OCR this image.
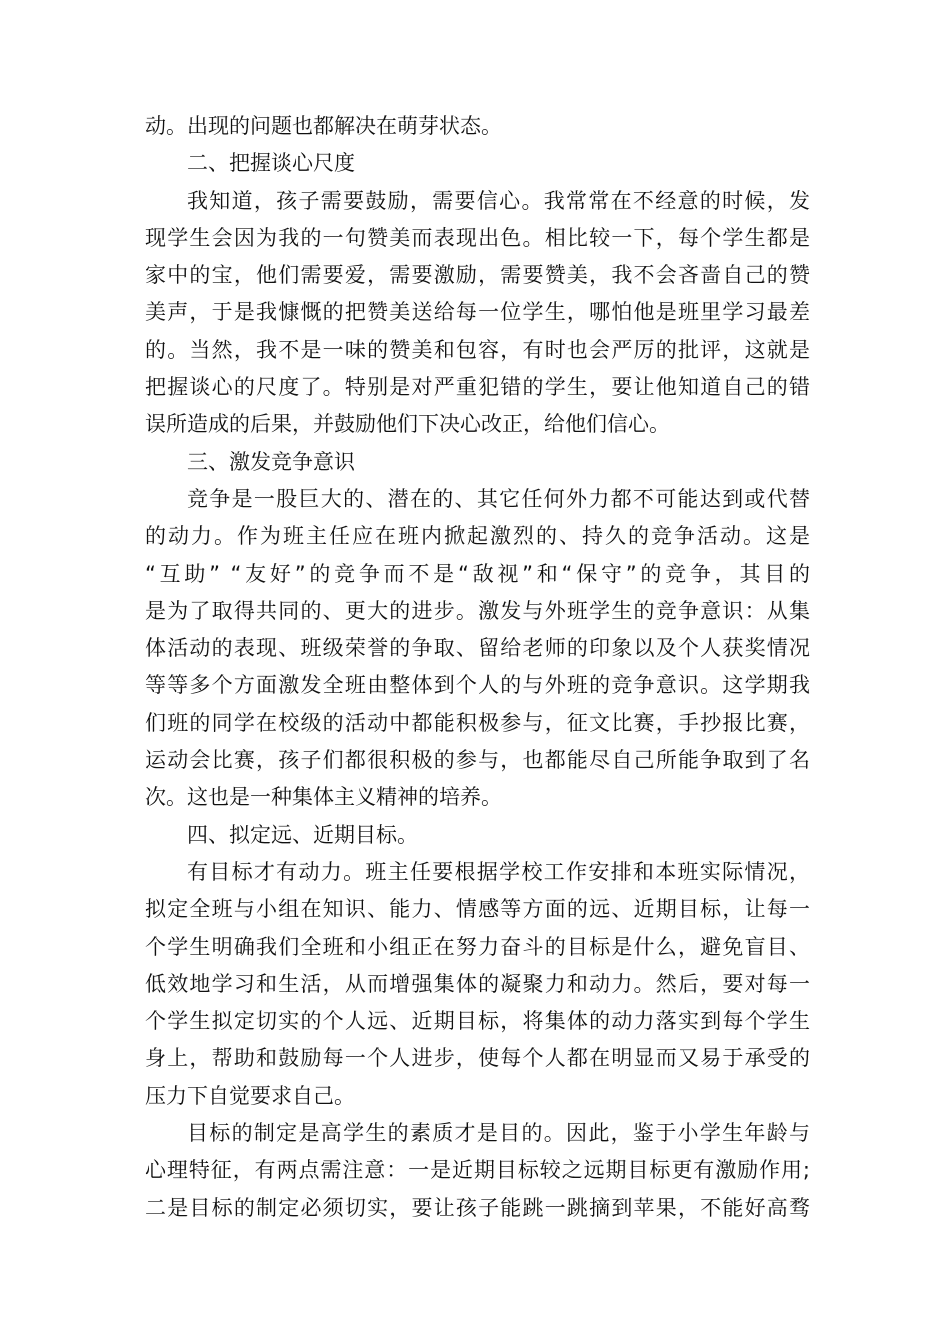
动。出现的问题也都解决在萌芽状态。
二、把握谈心尺度
我知道，孩子需要鼓励，需要信心。我常常在不经意的时候，发
现学生会因为我的一句赞美而表现出色。相比较一下，每个学生都是
家中的宝，他们需要爱，需要激励，需要赞美，我不会吝啬自己的赞
美声，于是我慷慨的把赞美送给每一位学生，哪怕他是班里学习最差
的。当然，我不是一味的赞美和包容，有时也会严厉的批评，这就是
把握谈心的尺度了。特别是对严重犯错的学生，要让他知道自己的错
误所造成的后果，并鼓励他们下决心改正，给他们信心。
三、激发竞争意识
竞争是一股巨大的、潜在的、其它任何外力都不可能达到或代替
的动力。作为班主任应在班内掀起激烈的、持久的竞争活动。这是
“互助” “友好”的竞争而不是“敌视”和“保守”的竞争，其目的
是为了取得共同的、更大的进步。激发与外班学生的竞争意识：从集
体活动的表现、班级荣誉的争取、留给老师的印象以及个人获奖情况
等等多个方面激发全班由整体到个人的与外班的竞争意识。这学期我
们班的同学在校级的活动中都能积极参与，征文比赛，手抄报比赛，
运动会比赛，孩子们都很积极的参与，也都能尽自己所能争取到了名
次。这也是一种集体主义精神的培养。
四、拟定远、近期目标。
有目标才有动力。班主任要根据学校工作安排和本班实际情况，
拟定全班与小组在知识、能力、情感等方面的远、近期目标，让每一
个学生明确我们全班和小组正在努力奋斗的目标是什么，避免盲目、
低效地学习和生活，从而增强集体的凝聚力和动力。然后，要对每一
个学生拟定切实的个人远、近期目标，将集体的动力落实到每个学生
身上，帮助和鼓励每一个人进步，使每个人都在明显而又易于承受的
压力下自觉要求自己。
目标的制定是高学生的素质才是目的。因此，鉴于小学生年龄与
心理特征，有两点需注意：一是近期目标较之远期目标更有激励作用;
二是目标的制定必须切实，要让孩子能跳一跳摘到苹果，不能好高骛
